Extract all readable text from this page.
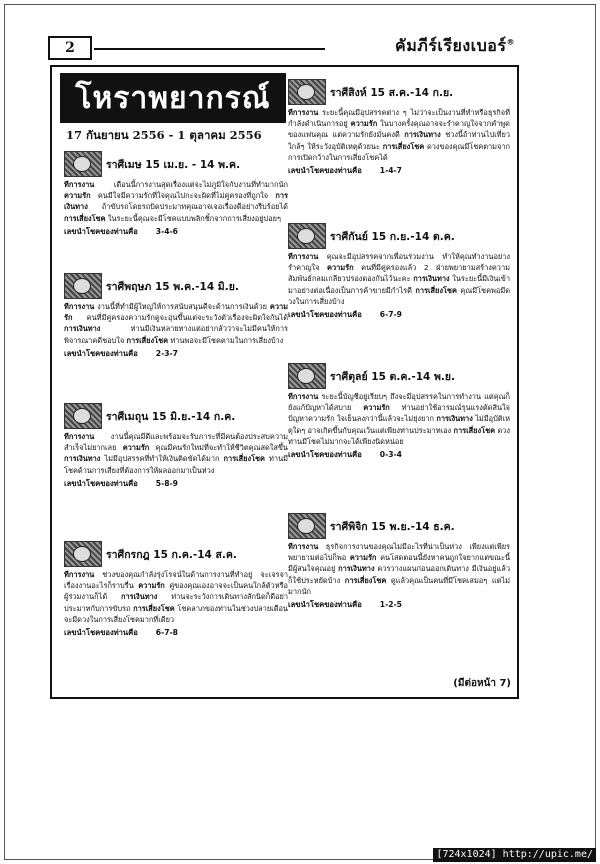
2	คัมภีร์เรียงเบอร์®
โหราพยากรณ์
17 กันยายน 2556 - 1 ตุลาคม 2556
ราศีเมษ 15 เม.ย. - 14 พ.ค.
ทีการงาน	เดือนนี้การงานสุดเรื่องแต่จะไม่ภูมิใจกับงานที่ทำมากนัก ความรัก คนมีใจมีความรักที่ใจคุณไปกะจะผิดที่ไม่คู่ครองที่ถูกใจ การเงินทาง ถ้าขับรถโดยรถบิดประมาทคุณอาจเจอเรื่องดีอย่างรีบร้อยได้ การเสี่ยงโชค ในระยะนี้คุณจะมีโชคแบบพลิกชิ้กจากการเสี่ยงอยู่บ่อยๆ
เลขนำโชคของท่านคือ 3-4-6
ราศีพฤษภ 15 พ.ค.-14 มิ.ย.
ทีการงาน งานนี้ที่ทำมีผู้ใหญ่ให้การสนับสนุนดีจะด้านการเงินด้วย ความรัก คนที่มีคู่ครองความรักดูจะอุ่นขึ้นแต่จะระวังตัวเรื่องจะผิดใจกันได้ การเงินทาง	ท่านมีเงินหลายทางแต่อย่ากลัวว่าจะไม่มีคนให้การพิจารณาคดีชอบใจ การเสี่ยงโชค ท่านพอจะมีโชคตามในการเสี่ยงบ้าง
เลขนำโชคของท่านคือ 2-3-7
ราศีเมถุน 15 มิ.ย.-14 ก.ค.
ทีการงาน งานนี้คุณมีดีและพร้อมจะรับภาระที่มีคนต้องประสบความสำเร็จไม่ยากเลย ความรัก คุณมีคนรักใหม่ที่จะทำให้ชีวิตคุณสดใสขึ้น การเงินทาง ไม่มีอุปสรรคที่ทำให้เงินติดขัดได้มาก การเสี่ยงโชค ท่านมีโชคด้านการเสี่ยงที่ต้องการให้ผลออกมาเป็นห่วง
เลขนำโชคของท่านคือ 5-8-9
ราศีกรกฎ 15 ก.ค.-14 ส.ค.
ทีการงาน ช่วงของคุณกำลังรุ่งโรจน์ในด้านการงานที่ทำอยู่ จะเจรจาเรื่องงานอะไรก็ราบรื่น ความรัก คู่ของคุณเองอาจจะเป็นคนใกล้ตัวหรือผู้ร่วมงานก็ได้ การเงินทาง ท่านจะระวังการเดินทางสักนิดก็ดีอย่าประมาทกับการขับรถ การเสี่ยงโชค โชคลาภของท่านในช่วงปลายเดือนจะมีดวงในการเสี่ยงโชคมากที่เดียว
เลขนำโชคของท่านคือ 6-7-8
ราศีสิงห์ 15 ส.ค.-14 ก.ย.
ทีการงาน ระยะนี้คุณมีอุปสรรคต่าง ๆ ไม่ว่าจะเป็นงานที่ทำหรือธุรกิจที่กำลังดำเนินการอยู่ ความรัก ในบางครั้งคุณอาจจะรำคาญใจจากคำพูดของแฟนคุณ แต่ความรักยังมั่นคงดี การเงินทาง ช่วงนี้ถ้าท่านไปเที่ยวใกล้ๆ ให้ระวังอุบัติเหตุด้วยนะ การเสี่ยงโชค ดวงของคุณมีโชคตามจากการเปิดกว้างในการเสี่ยงโชคได้
เลขนำโชคของท่านคือ 1-4-7
ราศีกันย์ 15 ก.ย.-14 ต.ค.
ทีการงาน คุณจะมีอุปสรรคจากเพื่อนร่วมงาน ทำให้คุณทำงานอย่างรำคาญใจ ความรัก คนที่มีคู่ครองแล้ว 2 ฝ่ายพยายามสร้างความสัมพันธ์กลมเกลียวปรองดองกันไว้นะคะ การเงินทาง ในระยะนี้มีเงินเข้ามาอย่างต่อเนื่องเป็นการค้าขายมีกำไรดี การเสี่ยงโชค คุณมีโชคพอมีดวงในการเสี่ยงบ้าง
เลขนำโชคของท่านคือ 6-7-9
ราศีตุลย์ 15 ต.ค.-14 พ.ย.
ทีการงาน ระยะนี้บัญชีอยู่เรียบๆ ถึงจะมีอุปสรรคในการทำงาน แต่คุณก็ยังแก้ปัญหาได้สบาย ความรัก ท่านอย่าใช้อารมณ์รุนแรงตัดสินใจปัญหาความรัก ใจเย็นลงกว่านี้แล้วจะไม่ยุ่งยาก การเงินทาง ไม่มีอุบัติเหตุใดๆ อาจเกิดขึ้นกับคุณเว้นแต่เพียงท่านประมาทเอง การเสี่ยงโชค ดวงท่านมีโชคไม่มากจะได้เพียงนิดหน่อย
เลขนำโชคของท่านคือ 0-3-4
ราศีพิจิก 15 พ.ย.-14 ธ.ค.
ทีการงาน ธุรกิจการงานของคุณไม่มีอะไรที่น่าเป็นห่วง เพียงแต่เพียรพยายามต่อไปก็พอ ความรัก คนโสดตอนนี้ยังหาคนถูกใจยากแต่ขณะนี้มีผู้สนใจคุณอยู่ การเงินทาง ควรวางแผนก่อนออกเดินทาง มีเงินอยู่แล้วก็ใช้ประหยัดบ้าง การเสี่ยงโชค ดูแล้วคุณเป็นคนที่มีโชคเสมอๆ แต่ไม่มากนัก
เลขนำโชคของท่านคือ 1-2-5
(มีต่อหน้า 7)
[724x1024] http://upic.me/
